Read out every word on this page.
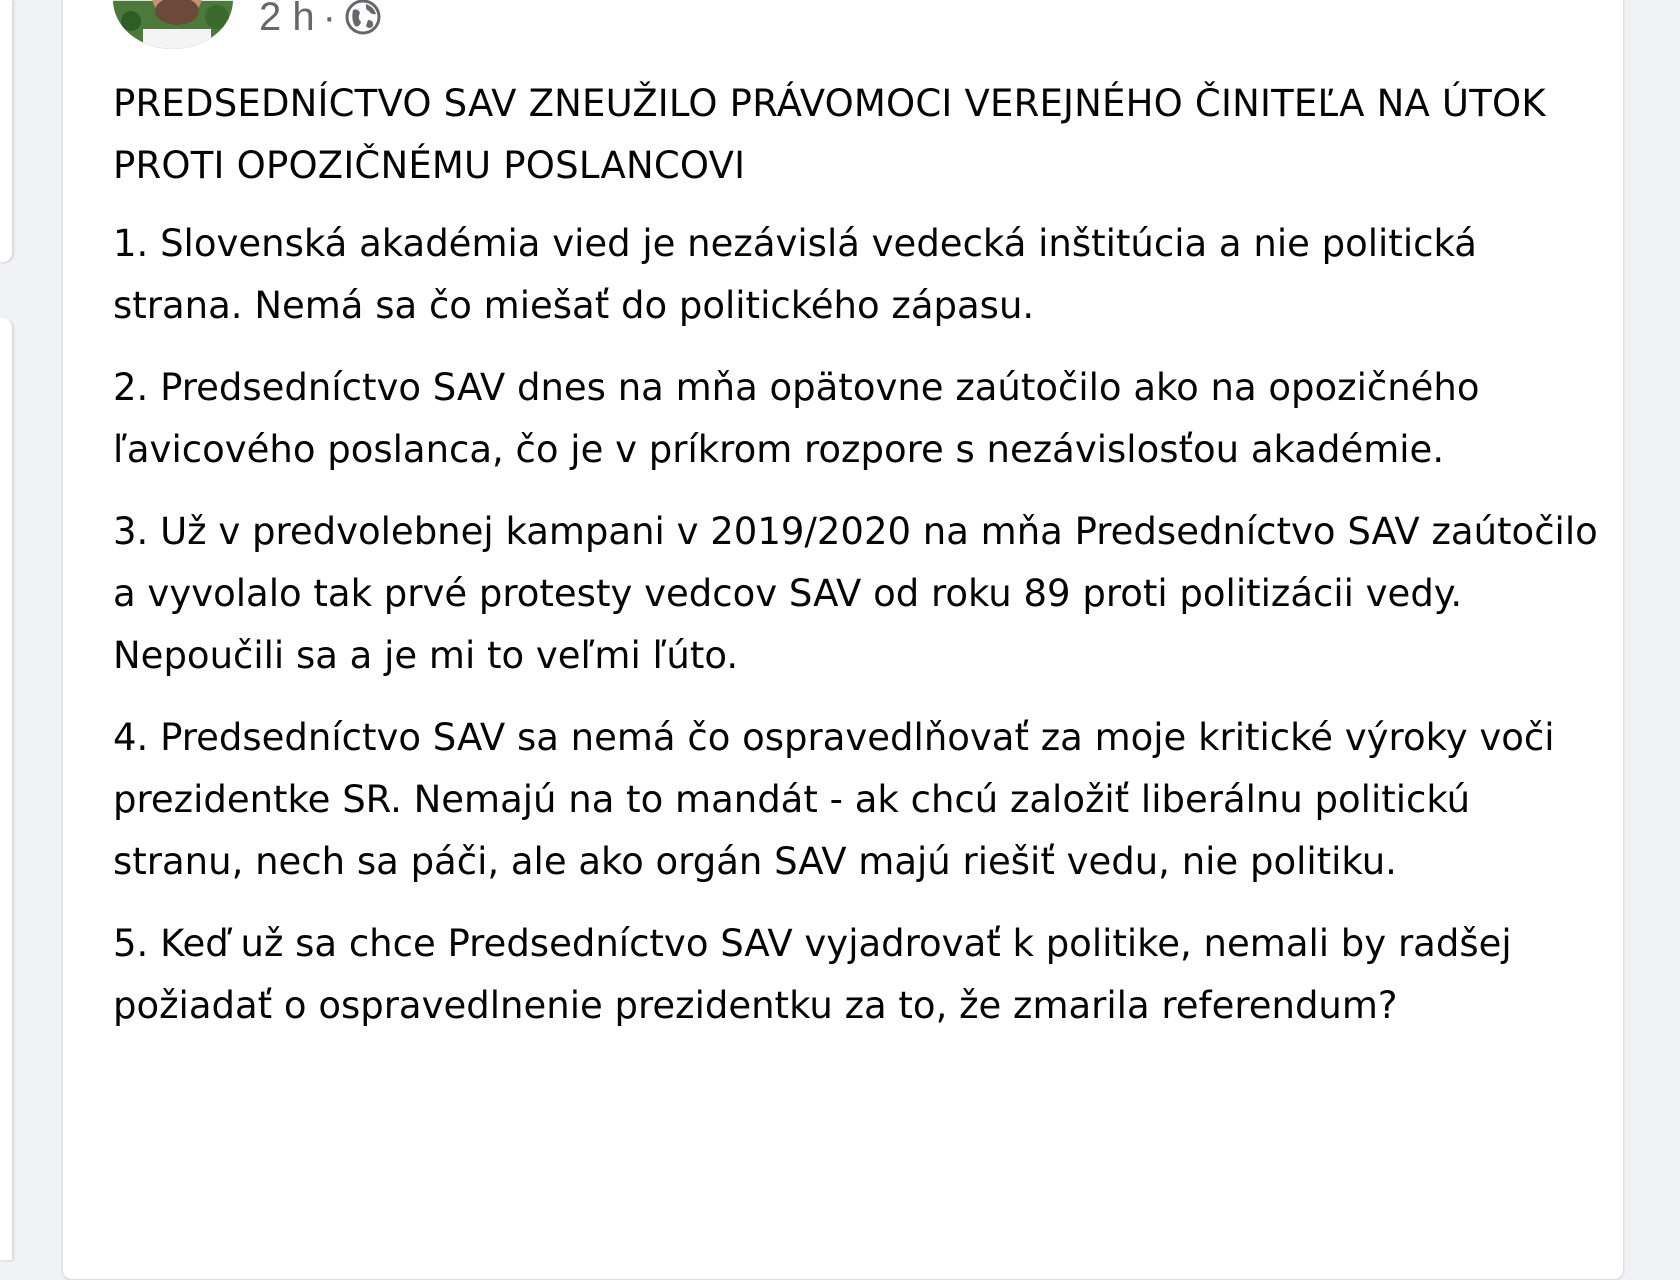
2 h ·
PREDSEDNÍCTVO SAV ZNEUŽILO PRÁVOMOCI VEREJNÉHO ČINITEĽA NA ÚTOK PROTI OPOZIČNÉMU POSLANCOVI
1. Slovenská akadémia vied je nezávislá vedecká inštitúcia a nie politická strana. Nemá sa čo miešať do politického zápasu.
2. Predsedníctvo SAV dnes na mňa opätovne zaútočilo ako na opozičného ľavicového poslanca, čo je v príkrom rozpore s nezávislosťou akadémie.
3. Už v predvolebnej kampani v 2019/2020 na mňa Predsedníctvo SAV zaútočilo a vyvolalo tak prvé protesty vedcov SAV od roku 89 proti politizácii vedy. Nepoučili sa a je mi to veľmi ľúto.
4. Predsedníctvo SAV sa nemá čo ospravedlňovať za moje kritické výroky voči prezidentke SR. Nemajú na to mandát - ak chcú založiť liberálnu politickú stranu, nech sa páči, ale ako orgán SAV majú riešiť vedu, nie politiku.
5. Keď už sa chce Predsedníctvo SAV vyjadrovať k politike, nemali by radšej požiadať o ospravedlnenie prezidentku za to, že zmarila referendum?
